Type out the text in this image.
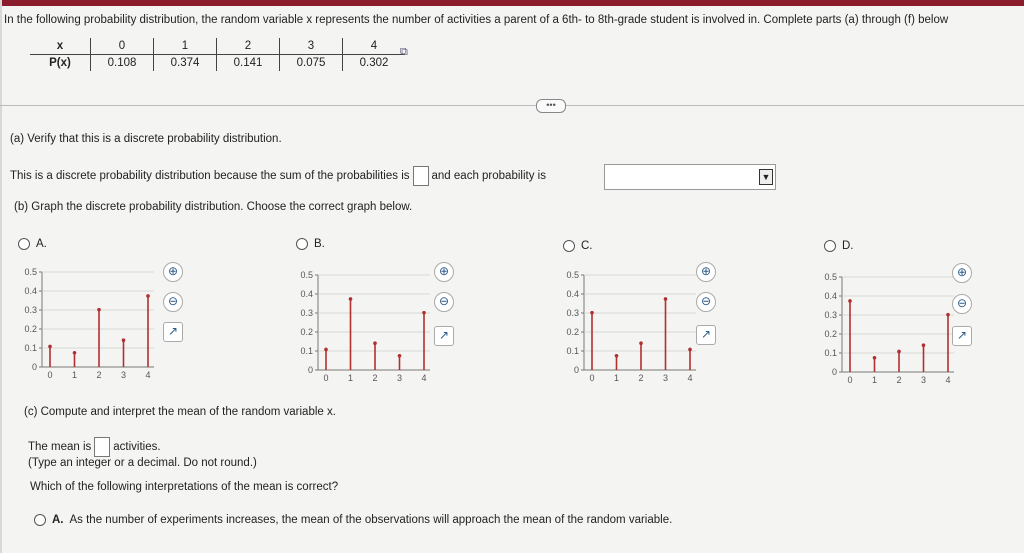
In the following probability distribution, the random variable x represents the number of activities a parent of a 6th- to 8th-grade student is involved in. Complete parts (a) through (f) below
x	0	1	2	3	4
P(x)	0.108	0.374	0.141	0.075	0.302
⧉
•••
(a) Verify that this is a discrete probability distribution.
This is a discrete probability distribution because the sum of the probabilities is and each probability is	▼
(b) Graph the discrete probability distribution. Choose the correct graph below.
A.	B.	C.	D.
0
0.1
0.2
0.3
0.4
0.5
0 1 2 3 4	0
0.1
0.2
0.3
0.4
0.5
0 1 2 3 4
0
0.1
0.2
0.3
0.4
0.5
0 1 2 3 4
0
0.1
0.2
0.3
0.4
0.5
0 1 2 3 4
⊕
⊖
↗
⊕
⊖
↗
⊕
⊖
↗
⊕
⊖
↗
(c) Compute and interpret the mean of the random variable x.
The mean is activities.
(Type an integer or a decimal. Do not round.)
Which of the following interpretations of the mean is correct?
A. As the number of experiments increases, the mean of the observations will approach the mean of the random variable.
